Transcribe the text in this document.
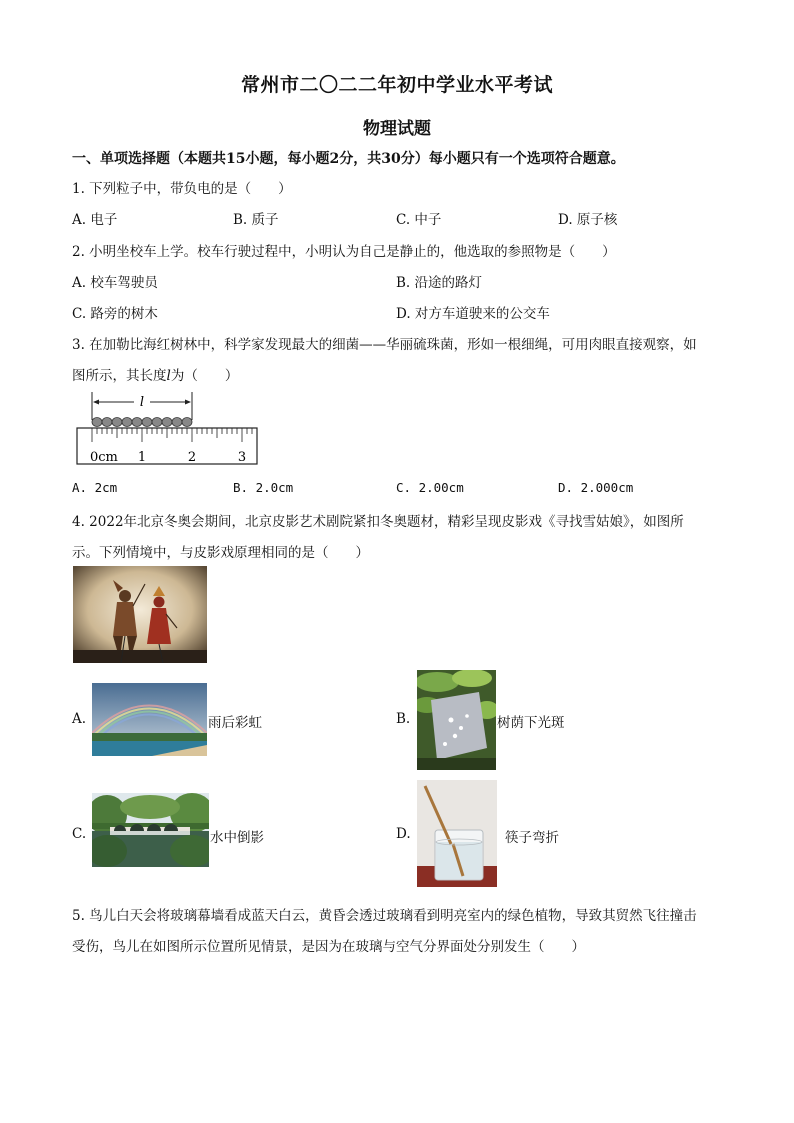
常州市二〇二二年初中学业水平考试
物理试题
一、单项选择题（本题共15小题，每小题2分，共30分）每小题只有一个选项符合题意。
1. 下列粒子中，带负电的是（　　）
A. 电子	B. 质子	C. 中子	D. 原子核
2. 小明坐校车上学。校车行驶过程中，小明认为自己是静止的，他选取的参照物是（　　）
A. 校车驾驶员	B. 沿途的路灯
C. 路旁的树木	D. 对方车道驶来的公交车
3. 在加勒比海红树林中，科学家发现最大的细菌——华丽硫珠菌，形如一根细绳，可用肉眼直接观察，如
图所示，其长度l为（　　）
l
0cm 1	2	3
A. 2cm	B. 2.0cm	C. 2.00cm	D. 2.000cm
4. 2022年北京冬奥会期间，北京皮影艺术剧院紧扣冬奥题材，精彩呈现皮影戏《寻找雪姑娘》，如图所
示。下列情境中，与皮影戏原理相同的是（　　）
A.	雨后彩虹	B.	树荫下光斑
C.	水中倒影	D.	筷子弯折
5. 鸟儿白天会将玻璃幕墙看成蓝天白云，黄昏会透过玻璃看到明亮室内的绿色植物，导致其贸然飞往撞击
受伤，鸟儿在如图所示位置所见情景，是因为在玻璃与空气分界面处分别发生（　　）
